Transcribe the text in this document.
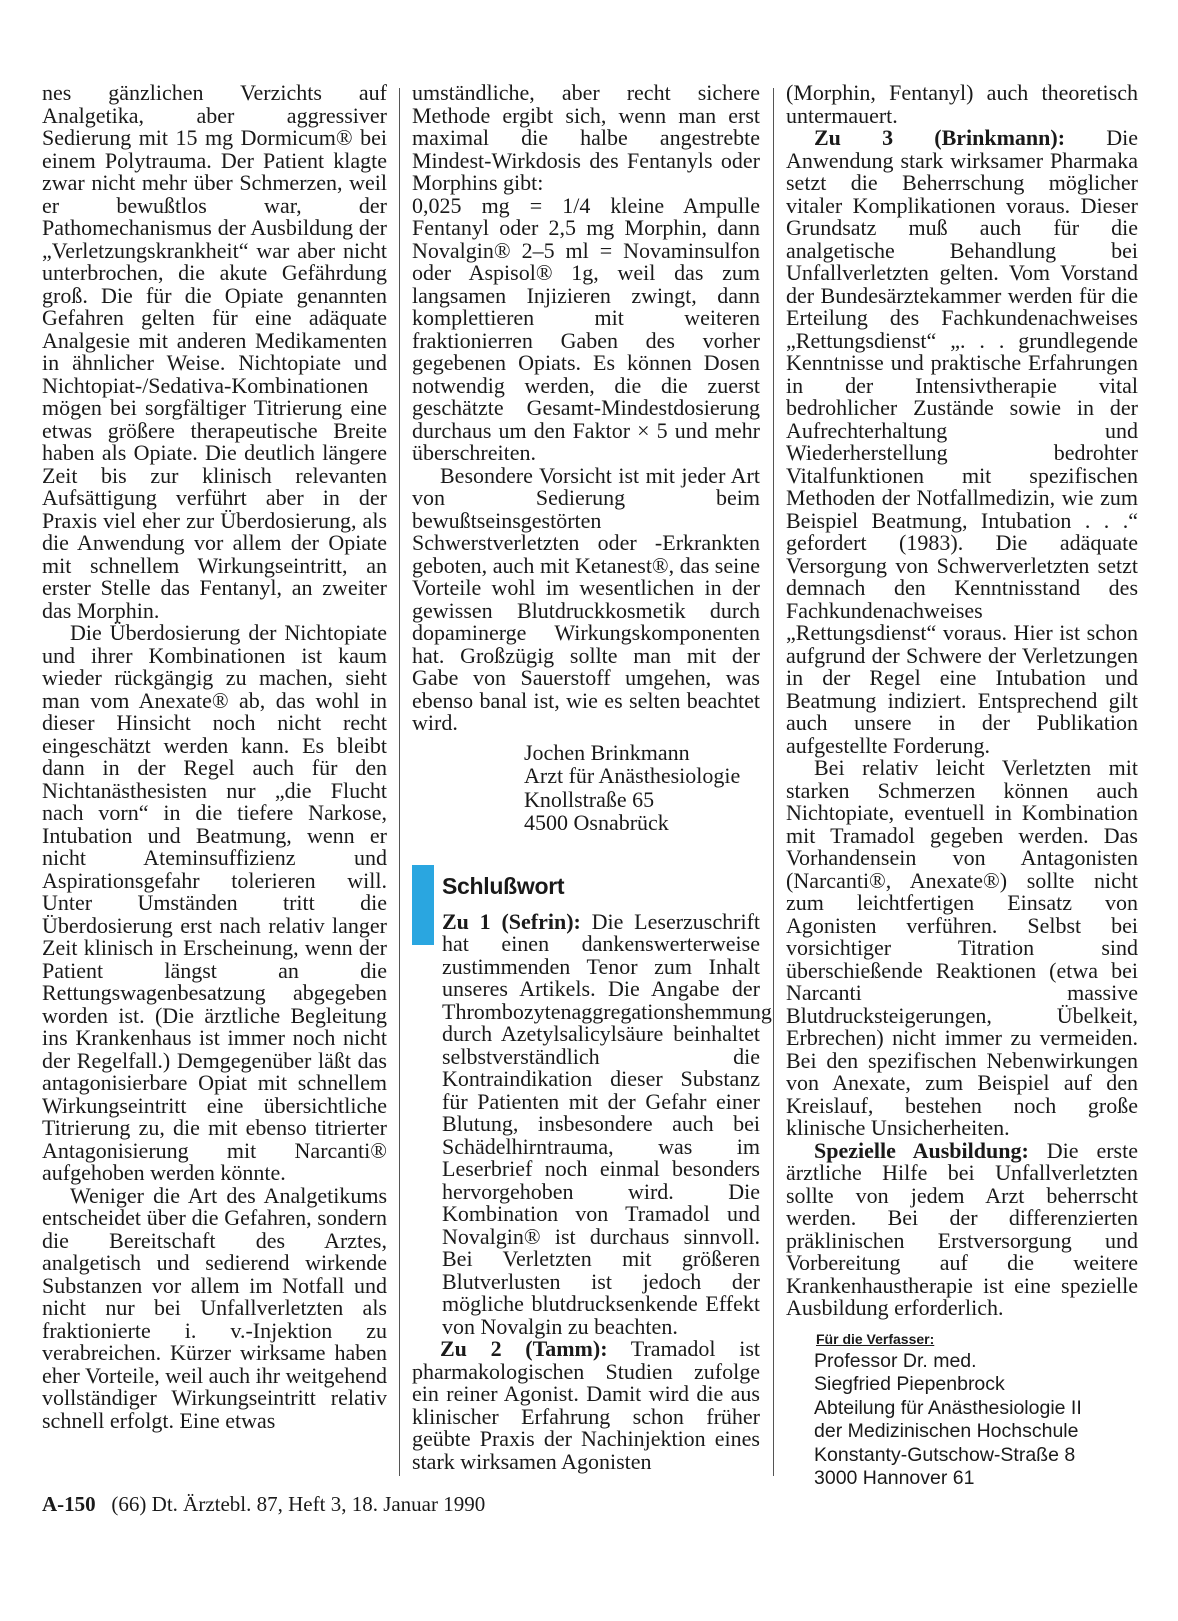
nes gänzlichen Verzichts auf Analgetika, aber aggressiver Sedierung mit 15 mg Dormicum® bei einem Polytrauma. Der Patient klagte zwar nicht mehr über Schmerzen, weil er bewußtlos war, der Pathomechanismus der Ausbildung der „Verletzungskrankheit“ war aber nicht unterbrochen, die akute Gefährdung groß. Die für die Opiate genannten Gefahren gelten für eine adäquate Analgesie mit anderen Medikamenten in ähnlicher Weise. Nichtopiate und Nichtopiat-/Sedativa-Kombinationen mögen bei sorgfältiger Titrierung eine etwas größere therapeutische Breite haben als Opiate. Die deutlich längere Zeit bis zur klinisch relevanten Aufsättigung verführt aber in der Praxis viel eher zur Überdosierung, als die Anwendung vor allem der Opiate mit schnellem Wirkungseintritt, an erster Stelle das Fentanyl, an zweiter das Morphin.

Die Überdosierung der Nichtopiate und ihrer Kombinationen ist kaum wieder rückgängig zu machen, sieht man vom Anexate® ab, das wohl in dieser Hinsicht noch nicht recht eingeschätzt werden kann. Es bleibt dann in der Regel auch für den Nichtanästhesisten nur „die Flucht nach vorn“ in die tiefere Narkose, Intubation und Beatmung, wenn er nicht Ateminsuffizienz und Aspirationsgefahr tolerieren will. Unter Umständen tritt die Überdosierung erst nach relativ langer Zeit klinisch in Erscheinung, wenn der Patient längst an die Rettungswagenbesatzung abgegeben worden ist. (Die ärztliche Begleitung ins Krankenhaus ist immer noch nicht der Regelfall.) Demgegenüber läßt das antagonisierbare Opiat mit schnellem Wirkungseintritt eine übersichtliche Titrierung zu, die mit ebenso titrierter Antagonisierung mit Narcanti® aufgehoben werden könnte.

Weniger die Art des Analgetikums entscheidet über die Gefahren, sondern die Bereitschaft des Arztes, analgetisch und sedierend wirkende Substanzen vor allem im Notfall und nicht nur bei Unfallverletzten als fraktionierte i. v.-Injektion zu verabreichen. Kürzer wirksame haben eher Vorteile, weil auch ihr weitgehend vollständiger Wirkungseintritt relativ schnell erfolgt. Eine etwas

umständliche, aber recht sichere Methode ergibt sich, wenn man erst maximal die halbe angestrebte Mindest-Wirkdosis des Fentanyls oder Morphins gibt:

0,025 mg = 1/4 kleine Ampulle Fentanyl oder 2,5 mg Morphin, dann Novalgin® 2–5 ml = Novaminsulfon oder Aspisol® 1g, weil das zum langsamen Injizieren zwingt, dann komplettieren mit weiteren fraktionierren Gaben des vorher gegebenen Opiats. Es können Dosen notwendig werden, die die zuerst geschätzte Gesamt-Mindestdosierung durchaus um den Faktor × 5 und mehr überschreiten.

Besondere Vorsicht ist mit jeder Art von Sedierung beim bewußtseinsgestörten Schwerstverletzten oder -Erkrankten geboten, auch mit Ketanest®, das seine Vorteile wohl im wesentlichen in der gewissen Blutdruckkosmetik durch dopaminerge Wirkungskomponenten hat. Großzügig sollte man mit der Gabe von Sauerstoff umgehen, was ebenso banal ist, wie es selten beachtet wird.

Jochen Brinkmann
Arzt für Anästhesiologie
Knollstraße 65
4500 Osnabrück
Schlußwort

Zu 1 (Sefrin): Die Leserzuschrift hat einen dankenswerterweise zustimmenden Tenor zum Inhalt unseres Artikels. Die Angabe der Thrombozytenaggregationshemmung durch Azetylsalicylsäure beinhaltet selbstverständlich die Kontraindikation dieser Substanz für Patienten mit der Gefahr einer Blutung, insbesondere auch bei Schädelhirntrauma, was im Leserbrief noch einmal besonders hervorgehoben wird. Die Kombination von Tramadol und Novalgin® ist durchaus sinnvoll. Bei Verletzten mit größeren Blutverlusten ist jedoch der mögliche blutdrucksenkende Effekt von Novalgin zu beachten.

Zu 2 (Tamm): Tramadol ist pharmakologischen Studien zufolge ein reiner Agonist. Damit wird die aus klinischer Erfahrung schon früher geübte Praxis der Nachinjektion eines stark wirksamen Agonisten

(Morphin, Fentanyl) auch theoretisch untermauert.

Zu 3 (Brinkmann): Die Anwendung stark wirksamer Pharmaka setzt die Beherrschung möglicher vitaler Komplikationen voraus. Dieser Grundsatz muß auch für die analgetische Behandlung bei Unfallverletzten gelten. Vom Vorstand der Bundesärztekammer werden für die Erteilung des Fachkundenachweises „Rettungsdienst“ „. . . grundlegende Kenntnisse und praktische Erfahrungen in der Intensivtherapie vital bedrohlicher Zustände sowie in der Aufrechterhaltung und Wiederherstellung bedrohter Vitalfunktionen mit spezifischen Methoden der Notfallmedizin, wie zum Beispiel Beatmung, Intubation . . .“ gefordert (1983). Die adäquate Versorgung von Schwerverletzten setzt demnach den Kenntnisstand des Fachkundenachweises „Rettungsdienst“ voraus. Hier ist schon aufgrund der Schwere der Verletzungen in der Regel eine Intubation und Beatmung indiziert. Entsprechend gilt auch unsere in der Publikation aufgestellte Forderung.

Bei relativ leicht Verletzten mit starken Schmerzen können auch Nichtopiate, eventuell in Kombination mit Tramadol gegeben werden. Das Vorhandensein von Antagonisten (Narcanti®, Anexate®) sollte nicht zum leichtfertigen Einsatz von Agonisten verführen. Selbst bei vorsichtiger Titration sind überschießende Reaktionen (etwa bei Narcanti massive Blutdrucksteigerungen, Übelkeit, Erbrechen) nicht immer zu vermeiden. Bei den spezifischen Nebenwirkungen von Anexate, zum Beispiel auf den Kreislauf, bestehen noch große klinische Unsicherheiten.

Spezielle Ausbildung: Die erste ärztliche Hilfe bei Unfallverletzten sollte von jedem Arzt beherrscht werden. Bei der differenzierten präklinischen Erstversorgung und Vorbereitung auf die weitere Krankenhaustherapie ist eine spezielle Ausbildung erforderlich.

Für die Verfasser:
Professor Dr. med.
Siegfried Piepenbrock
Abteilung für Anästhesiologie II
der Medizinischen Hochschule
Konstanty-Gutschow-Straße 8
3000 Hannover 61
A-150 (66) Dt. Ärztebl. 87, Heft 3, 18. Januar 1990
